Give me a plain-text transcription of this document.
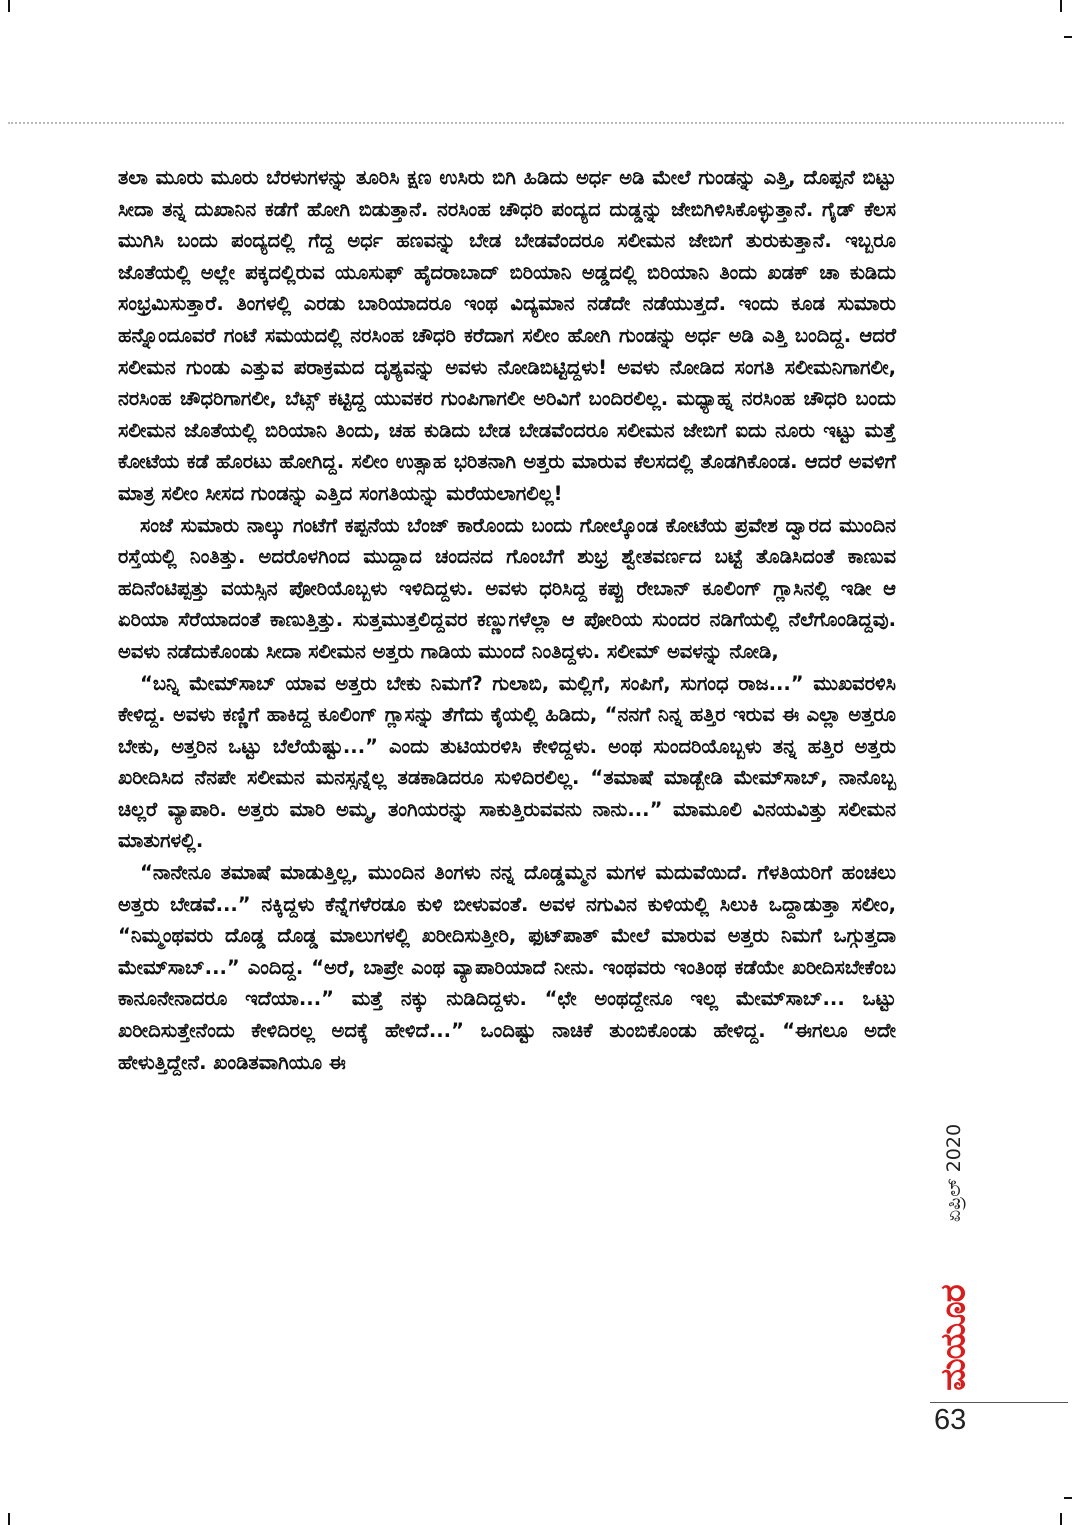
ತಲಾ ಮೂರು ಮೂರು ಬೆರಳುಗಳನ್ನು ತೂರಿಸಿ ಕ್ಷಣ ಉಸಿರು ಬಿಗಿ ಹಿಡಿದು ಅರ್ಧ ಅಡಿ ಮೇಲೆ ಗುಂಡನ್ನು ಎತ್ತಿ, ದೊಪ್ಪನೆ ಬಿಟ್ಟು ಸೀದಾ ತನ್ನ ದುಖಾನಿನ ಕಡೆಗೆ ಹೋಗಿ ಬಿಡುತ್ತಾನೆ. ನರಸಿಂಹ ಚೌಧರಿ ಪಂದ್ಯದ ದುಡ್ಡನ್ನು ಜೇಬಿಗಿಳಿಸಿಕೊಳ್ಳುತ್ತಾನೆ. ಗೈಡ್ ಕೆಲಸ ಮುಗಿಸಿ ಬಂದು ಪಂದ್ಯದಲ್ಲಿ ಗೆದ್ದ ಅರ್ಧ ಹಣವನ್ನು ಬೇಡ ಬೇಡವೆಂದರೂ ಸಲೀಮನ ಜೇಬಿಗೆ ತುರುಕುತ್ತಾನೆ. ಇಬ್ಬರೂ ಜೊತೆಯಲ್ಲಿ ಅಲ್ಲೇ ಪಕ್ಕದಲ್ಲಿರುವ ಯೂಸುಫ್ ಹೈದರಾಬಾದ್ ಬಿರಿಯಾನಿ ಅಡ್ಡದಲ್ಲಿ ಬಿರಿಯಾನಿ ತಿಂದು ಖಡಕ್ ಚಾ ಕುಡಿದು ಸಂಭ್ರಮಿಸುತ್ತಾರೆ. ತಿಂಗಳಲ್ಲಿ ಎರಡು ಬಾರಿಯಾದರೂ ಇಂಥ ವಿದ್ಯಮಾನ ನಡೆದೇ ನಡೆಯುತ್ತದೆ. ಇಂದು ಕೂಡ ಸುಮಾರು ಹನ್ನೊಂದೂವರೆ ಗಂಟೆ ಸಮಯದಲ್ಲಿ ನರಸಿಂಹ ಚೌಧರಿ ಕರೆದಾಗ ಸಲೀಂ ಹೋಗಿ ಗುಂಡನ್ನು ಅರ್ಧ ಅಡಿ ಎತ್ತಿ ಬಂದಿದ್ದ. ಆದರೆ ಸಲೀಮನ ಗುಂಡು ಎತ್ತುವ ಪರಾಕ್ರಮದ ದೃಶ್ಯವನ್ನು ಅವಳು ನೋಡಿಬಿಟ್ಟಿದ್ದಳು! ಅವಳು ನೋಡಿದ ಸಂಗತಿ ಸಲೀಮನಿಗಾಗಲೀ, ನರಸಿಂಹ ಚೌಧರಿಗಾಗಲೀ, ಬೆಟ್ಸ್ ಕಟ್ಟಿದ್ದ ಯುವಕರ ಗುಂಪಿಗಾಗಲೀ ಅರಿವಿಗೆ ಬಂದಿರಲಿಲ್ಲ. ಮಧ್ಯಾಹ್ನ ನರಸಿಂಹ ಚೌಧರಿ ಬಂದು ಸಲೀಮನ ಜೊತೆಯಲ್ಲಿ ಬಿರಿಯಾನಿ ತಿಂದು, ಚಹ ಕುಡಿದು ಬೇಡ ಬೇಡವೆಂದರೂ ಸಲೀಮನ ಜೇಬಿಗೆ ಐದು ನೂರು ಇಟ್ಟು ಮತ್ತೆ ಕೋಟೆಯ ಕಡೆ ಹೊರಟು ಹೋಗಿದ್ದ. ಸಲೀಂ ಉತ್ಸಾಹ ಭರಿತನಾಗಿ ಅತ್ತರು ಮಾರುವ ಕೆಲಸದಲ್ಲಿ ತೊಡಗಿಕೊಂಡ. ಆದರೆ ಅವಳಿಗೆ ಮಾತ್ರ ಸಲೀಂ ಸೀಸದ ಗುಂಡನ್ನು ಎತ್ತಿದ ಸಂಗತಿಯನ್ನು ಮರೆಯಲಾಗಲಿಲ್ಲ!

ಸಂಜೆ ಸುಮಾರು ನಾಲ್ಕು ಗಂಟೆಗೆ ಕಪ್ಪನೆಯ ಬೆಂಜ್ ಕಾರೊಂದು ಬಂದು ಗೋಲ್ಕೊಂಡ ಕೋಟೆಯ ಪ್ರವೇಶ ದ್ವಾರದ ಮುಂದಿನ ರಸ್ತೆಯಲ್ಲಿ ನಿಂತಿತ್ತು. ಅದರೊಳಗಿಂದ ಮುದ್ದಾದ ಚಂದನದ ಗೊಂಬೆಗೆ ಶುಭ್ರ ಶ್ವೇತವರ್ಣದ ಬಟ್ಟೆ ತೊಡಿಸಿದಂತೆ ಕಾಣುವ ಹದಿನೆಂಟಿಪ್ಪತ್ತು ವಯಸ್ಸಿನ ಪೋರಿಯೊಬ್ಬಳು ಇಳಿದಿದ್ದಳು. ಅವಳು ಧರಿಸಿದ್ದ ಕಪ್ಪು ರೇಬಾನ್ ಕೂಲಿಂಗ್ ಗ್ಲಾಸಿನಲ್ಲಿ ಇಡೀ ಆ ಏರಿಯಾ ಸೆರೆಯಾದಂತೆ ಕಾಣುತ್ತಿತ್ತು. ಸುತ್ತಮುತ್ತಲಿದ್ದವರ ಕಣ್ಣುಗಳೆಲ್ಲಾ ಆ ಪೋರಿಯ ಸುಂದರ ನಡಿಗೆಯಲ್ಲಿ ನೆಲೆಗೊಂಡಿದ್ದವು. ಅವಳು ನಡೆದುಕೊಂಡು ಸೀದಾ ಸಲೀಮನ ಅತ್ತರು ಗಾಡಿಯ ಮುಂದೆ ನಿಂತಿದ್ದಳು. ಸಲೀಮ್ ಅವಳನ್ನು ನೋಡಿ,

“ಬನ್ನಿ ಮೇಮ್‌ಸಾಬ್ ಯಾವ ಅತ್ತರು ಬೇಕು ನಿಮಗೆ? ಗುಲಾಬಿ, ಮಲ್ಲಿಗೆ, ಸಂಪಿಗೆ, ಸುಗಂಧ ರಾಜ...” ಮುಖವರಳಿಸಿ ಕೇಳಿದ್ದ. ಅವಳು ಕಣ್ಣಿಗೆ ಹಾಕಿದ್ದ ಕೂಲಿಂಗ್ ಗ್ಲಾಸನ್ನು ತೆಗೆದು ಕೈಯಲ್ಲಿ ಹಿಡಿದು, “ನನಗೆ ನಿನ್ನ ಹತ್ತಿರ ಇರುವ ಈ ಎಲ್ಲಾ ಅತ್ತರೂ ಬೇಕು, ಅತ್ತರಿನ ಒಟ್ಟು ಬೆಲೆಯೆಷ್ಟು...” ಎಂದು ತುಟಿಯರಳಿಸಿ ಕೇಳಿದ್ದಳು. ಅಂಥ ಸುಂದರಿಯೊಬ್ಬಳು ತನ್ನ ಹತ್ತಿರ ಅತ್ತರು ಖರೀದಿಸಿದ ನೆನಪೇ ಸಲೀಮನ ಮನಸ್ಸನ್ನೆಲ್ಲ ತಡಕಾಡಿದರೂ ಸುಳಿದಿರಲಿಲ್ಲ. “ತಮಾಷೆ ಮಾಡ್ಬೇಡಿ ಮೇಮ್‌ಸಾಬ್, ನಾನೊಬ್ಬ ಚಿಲ್ಲರೆ ವ್ಯಾಪಾರಿ. ಅತ್ತರು ಮಾರಿ ಅಮ್ಮ, ತಂಗಿಯರನ್ನು ಸಾಕುತ್ತಿರುವವನು ನಾನು...” ಮಾಮೂಲಿ ವಿನಯವಿತ್ತು ಸಲೀಮನ ಮಾತುಗಳಲ್ಲಿ.

“ನಾನೇನೂ ತಮಾಷೆ ಮಾಡುತ್ತಿಲ್ಲ, ಮುಂದಿನ ತಿಂಗಳು ನನ್ನ ದೊಡ್ಡಮ್ಮನ ಮಗಳ ಮದುವೆಯಿದೆ. ಗೆಳತಿಯರಿಗೆ ಹಂಚಲು ಅತ್ತರು ಬೇಡವೆ...” ನಕ್ಕಿದ್ದಳು ಕೆನ್ನೆಗಳೆರಡೂ ಕುಳಿ ಬೀಳುವಂತೆ. ಅವಳ ನಗುವಿನ ಕುಳಿಯಲ್ಲಿ ಸಿಲುಕಿ ಒದ್ದಾಡುತ್ತಾ ಸಲೀಂ, “ನಿಮ್ಮಂಥವರು ದೊಡ್ಡ ದೊಡ್ಡ ಮಾಲುಗಳಲ್ಲಿ ಖರೀದಿಸುತ್ತೀರಿ, ಫುಟ್‌ಪಾತ್ ಮೇಲೆ ಮಾರುವ ಅತ್ತರು ನಿಮಗೆ ಒಗ್ಗುತ್ತದಾ ಮೇಮ್‌ಸಾಬ್...” ಎಂದಿದ್ದ. “ಅರೆ, ಬಾಪ್ರೇ ಎಂಥ ವ್ಯಾಪಾರಿಯಾದೆ ನೀನು. ಇಂಥವರು ಇಂತಿಂಥ ಕಡೆಯೇ ಖರೀದಿಸಬೇಕೆಂಬ ಕಾನೂನೇನಾದರೂ ಇದೆಯಾ...” ಮತ್ತೆ ನಕ್ಕು ನುಡಿದಿದ್ದಳು. “ಛೇ ಅಂಥದ್ದೇನೂ ಇಲ್ಲ ಮೇಮ್‌ಸಾಬ್... ಒಟ್ಟು ಖರೀದಿಸುತ್ತೇನೆಂದು ಕೇಳಿದಿರಲ್ಲ ಅದಕ್ಕೆ ಹೇಳಿದೆ...” ಒಂದಿಷ್ಟು ನಾಚಿಕೆ ತುಂಬಿಕೊಂಡು ಹೇಳಿದ್ದ. “ಈಗಲೂ ಅದೇ ಹೇಳುತ್ತಿದ್ದೇನೆ. ಖಂಡಿತವಾಗಿಯೂ ಈ

ಏಪ್ರಿಲ್ 2020
ಮಯೂರ
63
